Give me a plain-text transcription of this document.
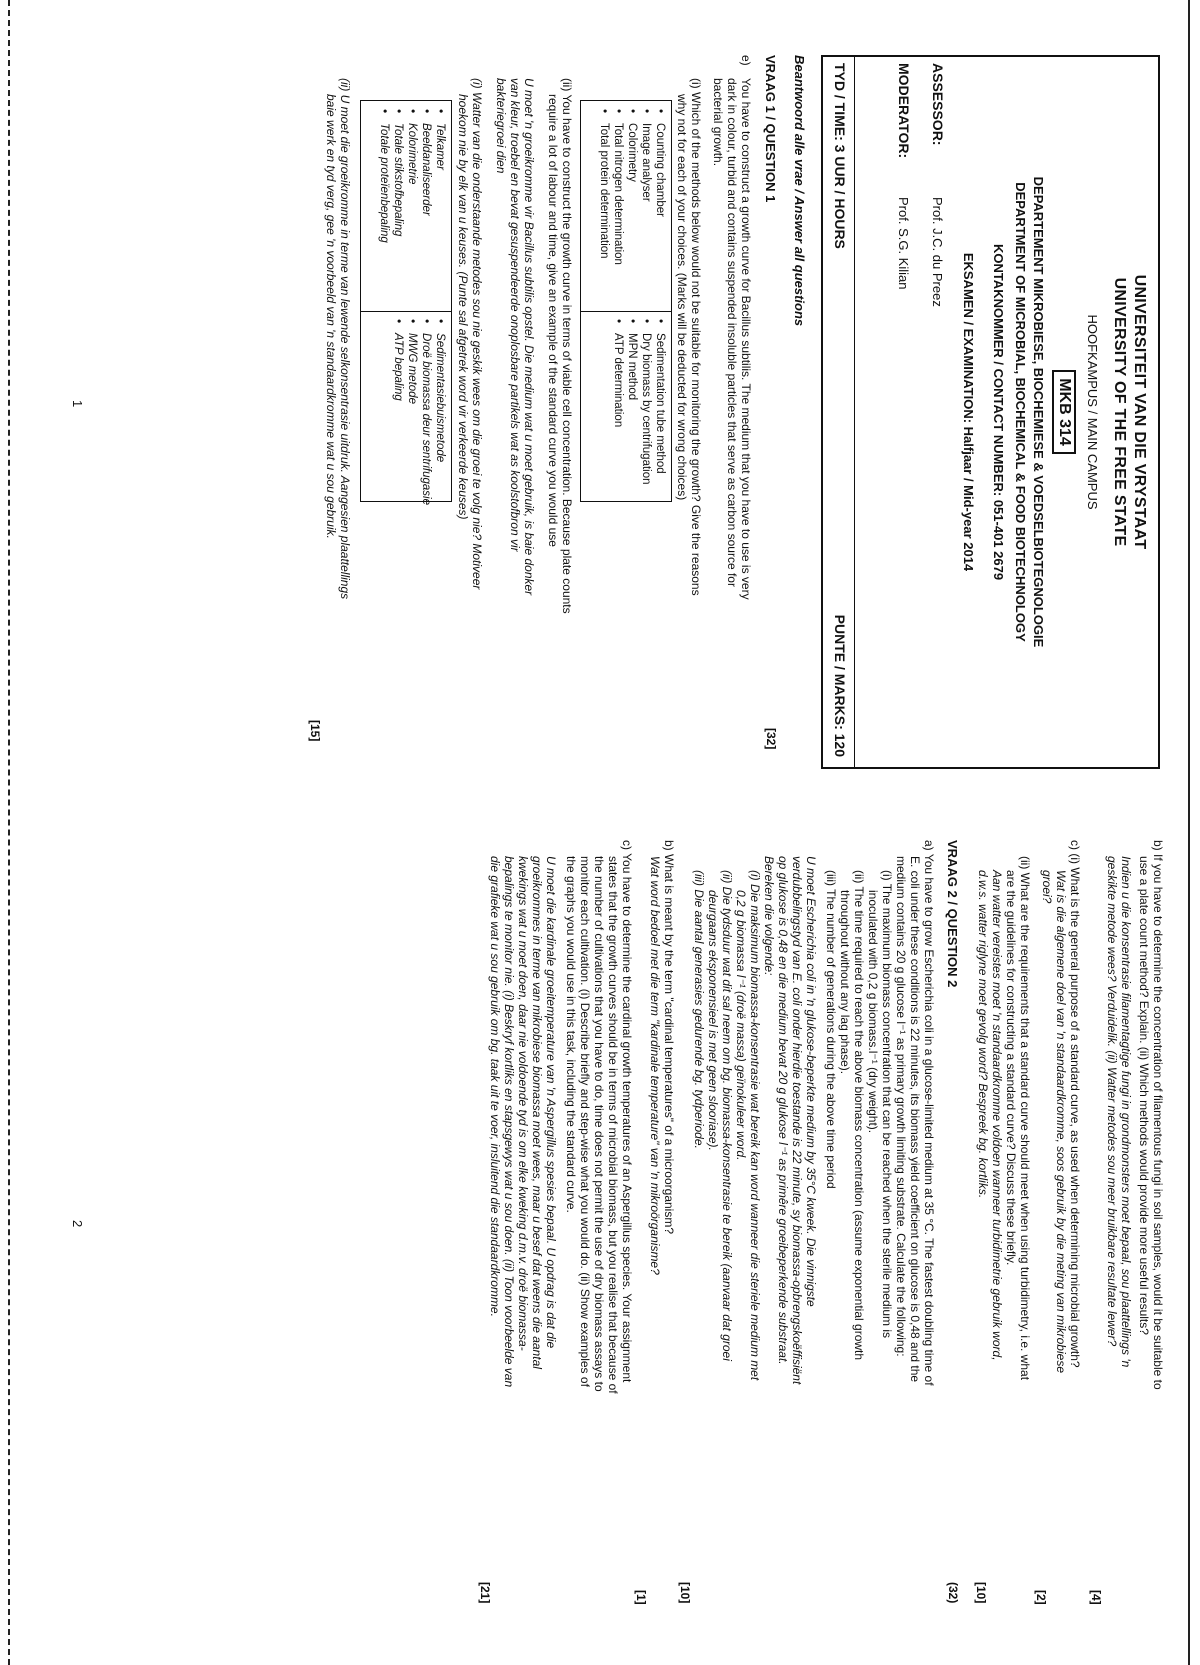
UNIVERSITEIT VAN DIE VRYSTAAT
UNIVERSITY OF THE FREE STATE
HOOFKAMPUS / MAIN CAMPUS
MKB 314
DEPARTEMENT MIKROBIESE, BIOCHEMIESE & VOEDSELBIOTEGNOLOGIE
DEPARTMENT OF MICROBIAL, BIOCHEMICAL & FOOD BIOTECHNOLOGY
KONTAKNOMMER / CONTACT NUMBER: 051-401 2679
EKSAMEN / EXAMINATION: Halfjaar / Mid-year 2014
ASSESSOR:
Prof. J.C. du Preez
MODERATOR:
Prof. S.G. Kilian
TYD / TIME: 3 UUR / HOURS
PUNTE / MARKS: 120
Beantwoord alle vrae / Answer all questions
VRAAG 1 / QUESTION 1
[32]
e)
You have to construct a growth curve for Bacillus subtilis. The medium that you have to use is very
dark in colour, turbid and contains suspended insoluble particles that serve as carbon source for
bacterial growth.
(i) Which of the methods below would not be suitable for monitoring the growth? Give the reasons
why not for each of your choices. (Marks will be deducted for wrong choices)
• Counting chamber
• Image analyser
• Colorimetry
• Total nitrogen determination
• Total protein determination
• Sedimentation tube method
• Dry biomass by centrifugation
• MPN method
• ATP determination
(ii) You have to construct the growth curve in terms of viable cell concentration. Because plate counts
require a lot of labour and time, give an example of the standard curve you would use
U moet 'n groeikromme vir Bacillus subtilis opstel. Die medium wat u moet gebruik, is baie donker
van kleur, troebel en bevat gesuspendeerde onoplosbare partikels wat as koolstofbron vir
bakteriegroei dien
(i) Watter van die onderstaande metodes sou nie geskik wees om die groei te volg nie? Motiveer
hoekom nie by elk van u keuses. (Punte sal afgetrek word vir verkeerde keuses)
• Telkamer
• Beeldanaliseerder
• Kolorimetrie
• Totale stikstofbepaling
• Totale proteïenbepaling
• Sedimentasiebuismetode
• Droë biomassa deur sentrifugasie
• MWG metode
• ATP bepaling
(ii) U moet die groeikromme in terme van lewende selkonsentrasie uitdruk. Aangesien plaattellings
baie werk en tyd verg, gee 'n voorbeeld van 'n standaardkromme wat u sou gebruik.
[15]
1
b) If you have to determine the concentration of filamentous fungi in soil samples, would it be suitable to
use a plate count method? Explain. (ii) Which methods would provide more useful results?
Indien u die konsentrasie filamentagtige fungi in grondmonsters moet bepaal, sou plaattellings 'n
geskikte metode wees? Verduidelik. (ii) Watter metodes sou meer bruikbare resultate lewer?
[4]
c) (i) What is the general purpose of a standard curve, as used when determining microbial growth?
Wat is die algemene doel van 'n standaardkromme, soos gebruik by die meting van mikrobiese
groei?
[2]
(ii) What are the requirements that a standard curve should meet when using turbidimetry, i.e. what
are the guidelines for constructing a standard curve? Discuss these briefly.
Aan watter vereistes moet 'n standaardkromme voldoen wanneer turbidimetrie gebruik word,
d.w.s. watter riglyne moet gevolg word? Bespreek bg. kortliks.
[10]
VRAAG 2 / QUESTION 2
(32)
a) You have to grow Escherichia coli in a glucose-limited medium at 35 °C. The fastest doubling time of
E. coli under these conditions is 22 minutes, its biomass yield coefficient on glucose is 0,48 and the
medium contains 20 g glucose l⁻¹ as primary growth limiting substrate. Calculate the following:
(i) The maximum biomass concentration that can be reached when the sterile medium is
inoculated with 0,2 g biomass.l⁻¹ (dry weight).
(ii) The time required to reach the above biomass concentration (assume exponential growth
throughout without any lag phase).
(iii) The number of generations during the above time period
U moet Escherichia coli in 'n glukose-beperkte medium by 35°C kweek. Die vinnigste
verdubbelingstyd van E. coli onder hierdie toestande is 22 minute, sy biomassa-opbrengskoëffisiënt
op glukose is 0,48 en die medium bevat 20 g glukose l⁻¹ as primêre groeibeperkende substraat.
Bereken die volgende:
(i) Die maksimum biomassa-konsentrasie wat bereik kan word wanneer die steriele medium met
0,2 g biomassa l⁻¹ (droë massa) geïnokuleer word.
(ii) Die tydsduur wat dit sal neem om bg. biomassa-konsentrasie te bereik (aanvaar dat groei
deurgaans eksponensieel is met geen slooriase).
(iii) Die aantal generasies gedurende bg. tydperiode.
[10]
b) What is meant by the term "cardinal temperatures" of a microorganism?
Wat word bedoel met die term "kardinale temperature" van 'n mikroörganisme?
[1]
c) You have to determine the cardinal growth temperatures of an Aspergillus species. Your assignment
states that the growth curves should be in terms of microbial biomass, but you realise that because of
the number of cultivations that you have to do, time does not permit the use of dry biomass assays to
monitor each cultivation. (i) Describe briefly and step-wise what you would do. (ii) Show examples of
the graphs you would use in this task, including the standard curve.
U moet die kardinale groeitemperature van 'n Aspergillus spesies bepaal. U opdrag is dat die
groeikrommes in terme van mikrobiese biomassa moet wees, maar u besef dat weens die aantal
kwekings wat u moet doen, daar nie voldoende tyd is om elke kweking d.m.v. droë biomassa-
bepalings te monitor nie. (i) Beskryf kortliks en stapsgewys wat u sou doen. (ii) Toon voorbeelde van
die grafieke wat u sou gebruik om bg. taak uit te voer, insluitend die standaardkromme.
[21]
2
